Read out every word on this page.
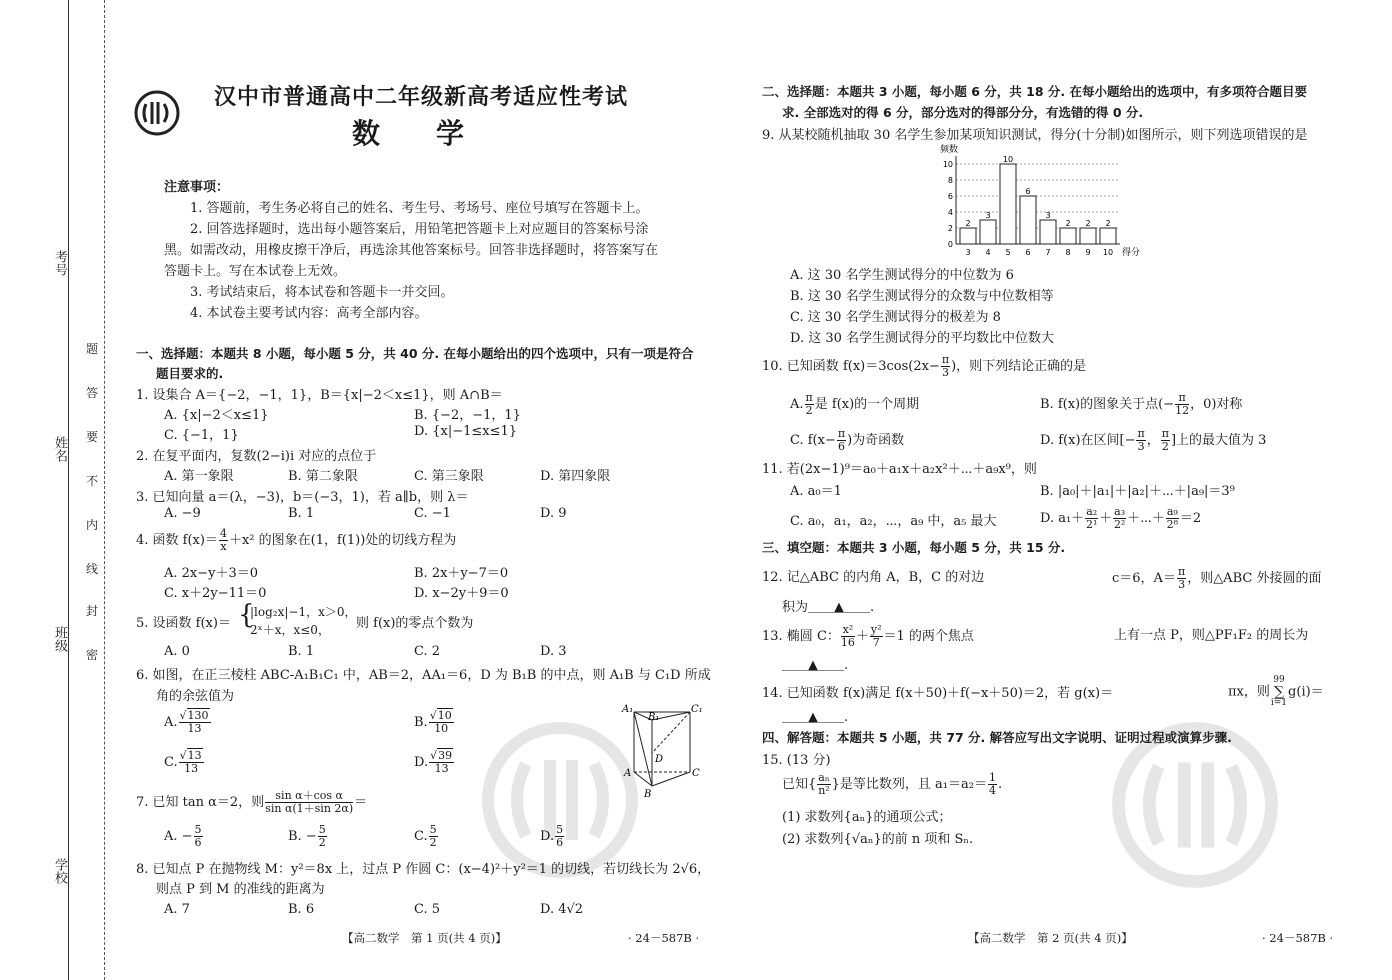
考号
姓名
班级
学校
密
封
线
内
不
要
答
题
汉中市普通高中二年级新高考适应性考试
数　　学
注意事项：
1. 答题前，考生务必将自己的姓名、考生号、考场号、座位号填写在答题卡上。
2. 回答选择题时，选出每小题答案后，用铅笔把答题卡上对应题目的答案标号涂
黑。如需改动，用橡皮擦干净后，再选涂其他答案标号。回答非选择题时，将答案写在
答题卡上。写在本试卷上无效。
3. 考试结束后，将本试卷和答题卡一并交回。
4. 本试卷主要考试内容：高考全部内容。
一、选择题：本题共 8 小题，每小题 5 分，共 40 分. 在每小题给出的四个选项中，只有一项是符合
题目要求的.
1. 设集合 A＝{−2，−1，1}，B＝{x|−2＜x≤1}，则 A∩B＝
A. {x|−2＜x≤1}	B. {−2，−1，1}
C. {−1，1}	D. {x|−1≤x≤1}
2. 在复平面内，复数(2−i)i 对应的点位于
A. 第一象限	B. 第二象限	C. 第三象限	D. 第四象限
3. 已知向量 a＝(λ，−3)，b＝(−3，1)，若 a∥b，则 λ＝
A. −9	B. 1	C. −1	D. 9
4. 函数 $f(x)= \frac{4}{x} +x^2$ 的图象在(1，f(1))处的切线方程为
A. 2x−y＋3＝0	B. 2x＋y−7＝0
C. x＋2y−11＝0	D. x−2y＋9＝0
5. 设函数 f(x)＝ {
|log₂x|−1，x＞0，
2ˣ＋x，x≤0， 则 f(x)的零点个数为
A. 0	B. 1	C. 2	D. 3
6. 如图，在正三棱柱 ABC-A₁B₁C₁ 中，AB＝2，AA₁＝6，D 为 B₁B 的中点，则 A₁B 与 C₁D 所成
角的余弦值为
A. $\frac{√130}{13}$	B. $\frac{√10}{10}$
C. $\frac{√13}{13}$	D. $\frac{√39}{13}$
A₁
B₁
C₁
A
B
C
D
7. 已知 tan α＝2，则 $\frac{\text{sin α＋cos α}}{\text{sin α(1＋sin 2α)}}$ ＝
A. − $\frac{5}{6}$	B. − $\frac{5}{2}$	C. $\frac{5}{2}$	D. $\frac{5}{6}$
8. 已知点 P 在抛物线 M：y²＝8x 上，过点 P 作圆 C：(x−4)²＋y²＝1 的切线，若切线长为 2√6，
则点 P 到 M 的准线的距离为
A. 7	B. 6	C. 5	D. 4√2
【高二数学　第 1 页(共 4 页)】	· 24－587B ·
二、选择题：本题共 3 小题，每小题 6 分，共 18 分. 在每小题给出的选项中，有多项符合题目要
求. 全部选对的得 6 分，部分选对的得部分分，有选错的得 0 分.
9. 从某校随机抽取 30 名学生参加某项知识测试，得分(十分制)如图所示，则下列选项错误的是
频数
0
2
4
6
8
10
2
3
3
4
10
5
6
6
3
7
2
8
2
9
2
10 得分
A. 这 30 名学生测试得分的中位数为 6
B. 这 30 名学生测试得分的众数与中位数相等
C. 这 30 名学生测试得分的极差为 8
D. 这 30 名学生测试得分的平均数比中位数大
10. 已知函数 $f(x)=3\cos(2x- \frac{\pi}{3}$ )，则下列结论正确的是
A. $\frac{\pi}{2}$ 是 f(x)的一个周期	B. f(x)的图象关于点(− $\frac{\pi}{12}$ ，0)对称
C. $f(x- \frac{\pi}{6}$ )为奇函数	D. f(x)在区间[− $\frac{\pi}{3}$ ， $\frac{\pi}{2}$ ]上的最大值为 3
11. 若(2x−1)⁹＝a₀＋a₁x＋a₂x²＋⋯＋a₉x⁹，则
A. a₀＝1	B. |a₀|＋|a₁|＋|a₂|＋⋯＋|a₉|＝3⁹
C. a₀，a₁，a₂，⋯，a₉ 中，a₅ 最大	D. $a_1+ \frac{\text{a₂}}{\text{2¹}} + \frac{\text{a₃}}{\text{2²}}$ ＋⋯＋ $\frac{\text{a₉}}{\text{2⁸}} =2$
三、填空题：本题共 3 小题，每小题 5 分，共 15 分.
12. 记△ABC 的内角 A，B，C 的对边	c＝6，$A= \frac{\pi}{3}$ ，则△ABC 外接圆的面
积为＿＿▲＿＿.
13. 椭圆 C： $\frac{\text{x²}}{16} + \frac{\text{y²}}{7} =1$ 的两个焦点	上有一点 P，则△PF₁F₂ 的周长为
＿＿▲＿＿.
14. 已知函数 f(x)满足 f(x＋50)＋f(−x＋50)＝2，若 g(x)＝	πx，则
99
∑
i=1
g(i)＝
＿＿▲＿＿.
四、解答题：本题共 5 小题，共 77 分. 解答应写出文字说明、证明过程或演算步骤.
15. (13 分)
已知{ $\frac{\text{aₙ}}{\text{n²}}$ }是等比数列，且 $a_1=a_2= \frac{1}{4}$ .
(1) 求数列{aₙ}的通项公式；
(2) 求数列{√aₙ}的前 n 项和 Sₙ.
【高二数学　第 2 页(共 4 页)】	· 24－587B ·
